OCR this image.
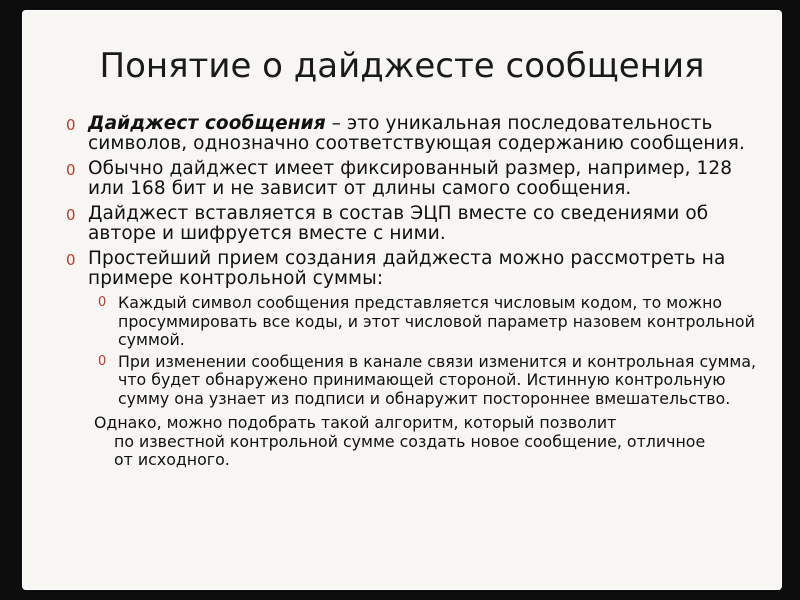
Понятие о дайджесте сообщения
0 Дайджест сообщения – это уникальная последовательность символов, однозначно соответствующая содержанию сообщения.
0 Обычно дайджест имеет фиксированный размер, например, 128 или 168 бит и не зависит от длины самого сообщения.
0 Дайджест вставляется в состав ЭЦП вместе со сведениями об авторе и шифруется вместе с ними.
0 Простейший прием создания дайджеста можно рассмотреть на примере контрольной суммы:
0 Каждый символ сообщения представляется числовым кодом, то можно просуммировать все коды, и этот числовой параметр назовем контрольной суммой.
0 При изменении сообщения в канале связи изменится и контрольная сумма, что будет обнаружено принимающей стороной. Истинную контрольную сумму она узнает из подписи и обнаружит постороннее вмешательство.
Однако, можно подобрать такой алгоритм, который позволит
по известной контрольной сумме создать новое сообщение, отличное от исходного.
